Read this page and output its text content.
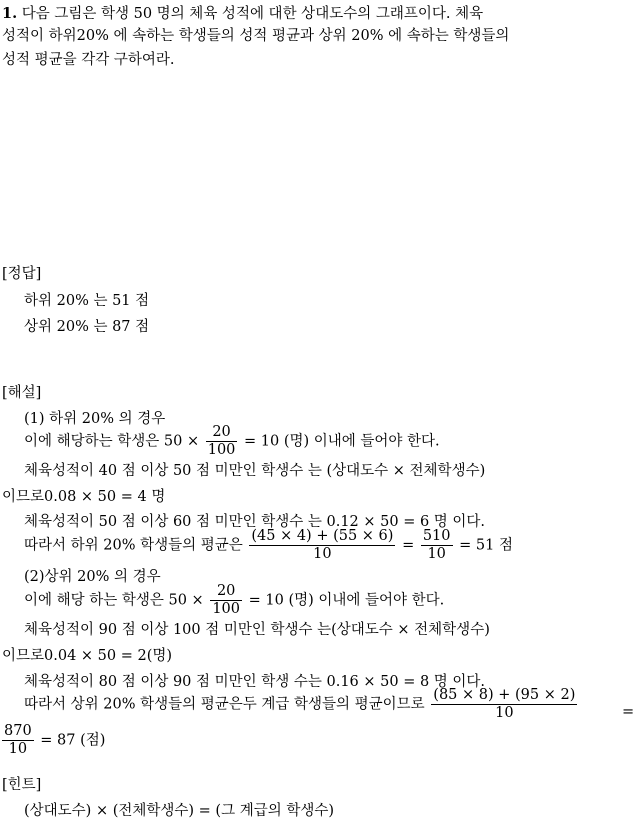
1. 다음 그림은 학생 50 명의 체육 성적에 대한 상대도수의 그래프이다. 체육
성적이 하위20% 에 속하는 학생들의 성적 평균과 상위 20% 에 속하는 학생들의
성적 평균을 각각 구하여라.
[정답]
하위 20% 는 51 점
상위 20% 는 87 점
[해설]
(1) 하위 20% 의 경우
이에 해당하는 학생은 $50 \times \frac{20}{100} = 10$ (명) 이내에 들어야 한다.
체육성적이 40 점 이상 50 점 미만인 학생수 는 (상대도수 × 전체학생수)
이므로0.08 × 50 = 4 명
체육성적이 50 점 이상 60 점 미만인 학생수 는 0.12 × 50 = 6 명 이다.
따라서 하위 20% 학생들의 평균은 $\frac{(45 \times 4) + (55 \times 6)}{10} = \frac{510}{10} = 51$ 점
(2)상위 20% 의 경우
이에 해당 하는 학생은 $50 \times \frac{20}{100} = 10$ (명) 이내에 들어야 한다.
체육성적이 90 점 이상 100 점 미만인 학생수 는(상대도수 × 전체학생수)
이므로0.04 × 50 = 2(명)
체육성적이 80 점 이상 90 점 미만인 학생 수는 0.16 × 50 = 8 명 이다.
따라서 상위 20% 학생들의 평균은두 계급 학생들의 평균이므로 $\frac{(85 \times 8) + (95 \times 2)}{10}$	=
$\frac{870}{10} = 87$ (점)
[힌트]
(상대도수) × (전체학생수) = (그 계급의 학생수)
